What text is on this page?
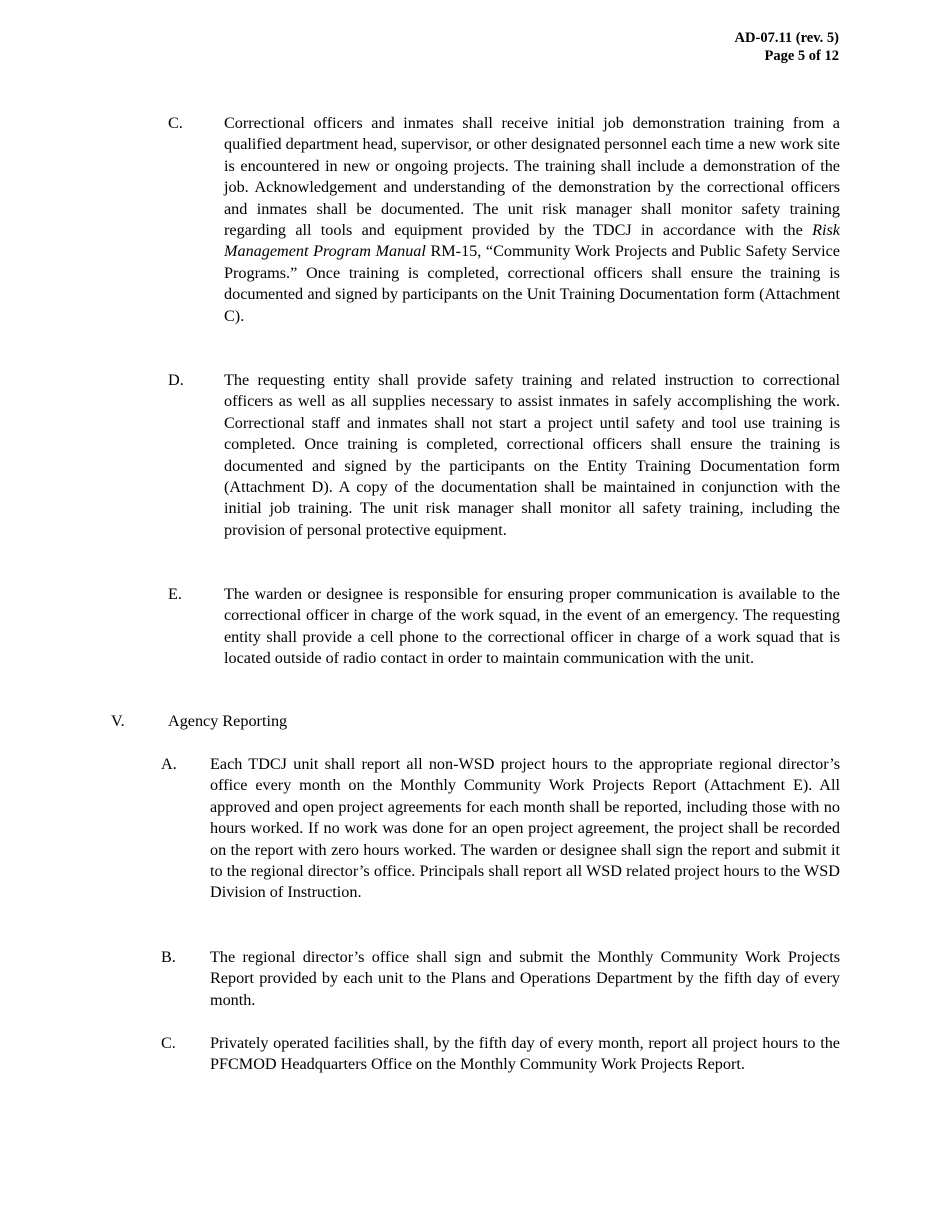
AD-07.11 (rev. 5)
Page 5 of 12
C.	Correctional officers and inmates shall receive initial job demonstration training from a qualified department head, supervisor, or other designated personnel each time a new work site is encountered in new or ongoing projects. The training shall include a demonstration of the job. Acknowledgement and understanding of the demonstration by the correctional officers and inmates shall be documented. The unit risk manager shall monitor safety training regarding all tools and equipment provided by the TDCJ in accordance with the Risk Management Program Manual RM-15, “Community Work Projects and Public Safety Service Programs.” Once training is completed, correctional officers shall ensure the training is documented and signed by participants on the Unit Training Documentation form (Attachment C).

D. The requesting entity shall provide safety training and related instruction to correctional officers as well as all supplies necessary to assist inmates in safely accomplishing the work. Correctional staff and inmates shall not start a project until safety and tool use training is completed. Once training is completed, correctional officers shall ensure the training is documented and signed by the participants on the Entity Training Documentation form (Attachment D). A copy of the documentation shall be maintained in conjunction with the initial job training. The unit risk manager shall monitor all safety training, including the provision of personal protective equipment.

E.	The warden or designee is responsible for ensuring proper communication is available to the correctional officer in charge of the work squad, in the event of an emergency. The requesting entity shall provide a cell phone to the correctional officer in charge of a work squad that is located outside of radio contact in order to maintain communication with the unit.

V.	Agency Reporting
A. Each TDCJ unit shall report all non-WSD project hours to the appropriate regional director’s office every month on the Monthly Community Work Projects Report (Attachment E). All approved and open project agreements for each month shall be reported, including those with no hours worked. If no work was done for an open project agreement, the project shall be recorded on the report with zero hours worked. The warden or designee shall sign the report and submit it to the regional director’s office. Principals shall report all WSD related project hours to the WSD Division of Instruction.

B. The regional director’s office shall sign and submit the Monthly Community Work Projects Report provided by each unit to the Plans and Operations Department by the fifth day of every month.

C. Privately operated facilities shall, by the fifth day of every month, report all project hours to the PFCMOD Headquarters Office on the Monthly Community Work Projects Report.
